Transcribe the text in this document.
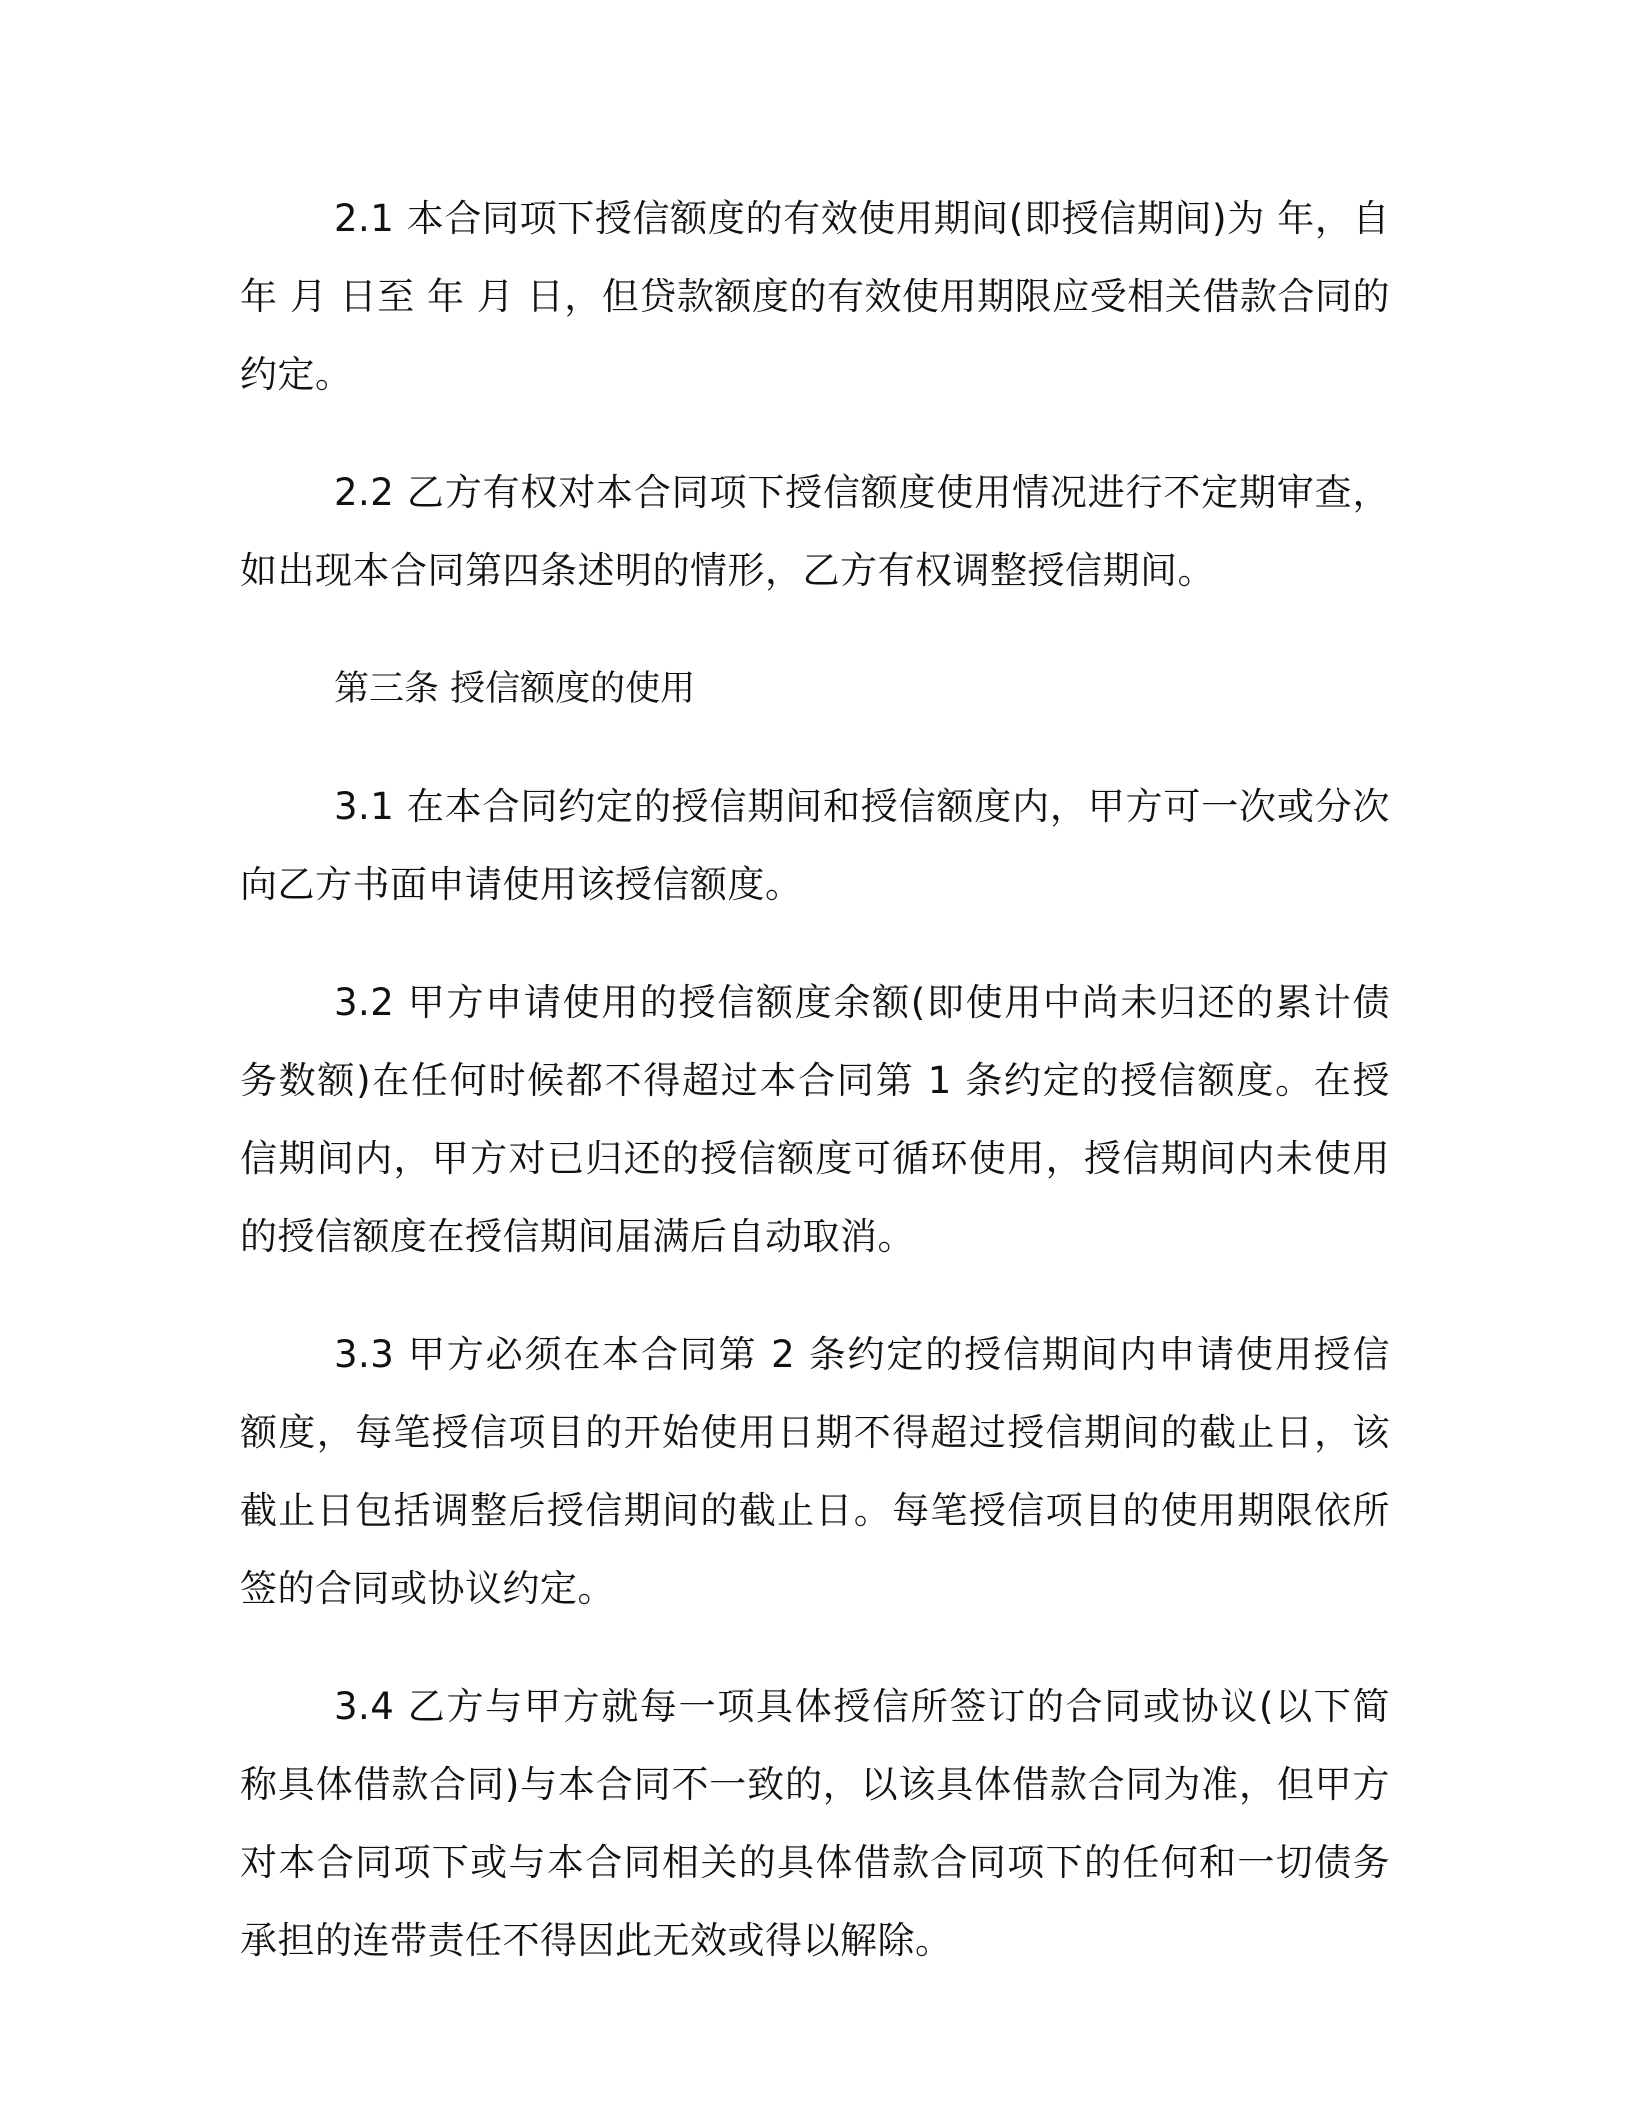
2.1 本合同项下授信额度的有效使用期间(即授信期间)为 年，自 年 月 日至 年 月 日，但贷款额度的有效使用期限应受相关借款合同的约定。

2.2 乙方有权对本合同项下授信额度使用情况进行不定期审查，如出现本合同第四条述明的情形，乙方有权调整授信期间。

第三条 授信额度的使用

3.1 在本合同约定的授信期间和授信额度内，甲方可一次或分次向乙方书面申请使用该授信额度。

3.2 甲方申请使用的授信额度余额(即使用中尚未归还的累计债务数额)在任何时候都不得超过本合同第 1 条约定的授信额度。在授信期间内，甲方对已归还的授信额度可循环使用，授信期间内未使用的授信额度在授信期间届满后自动取消。

3.3 甲方必须在本合同第 2 条约定的授信期间内申请使用授信额度，每笔授信项目的开始使用日期不得超过授信期间的截止日，该截止日包括调整后授信期间的截止日。每笔授信项目的使用期限依所签的合同或协议约定。

3.4 乙方与甲方就每一项具体授信所签订的合同或协议(以下简称具体借款合同)与本合同不一致的，以该具体借款合同为准，但甲方对本合同项下或与本合同相关的具体借款合同项下的任何和一切债务承担的连带责任不得因此无效或得以解除。
